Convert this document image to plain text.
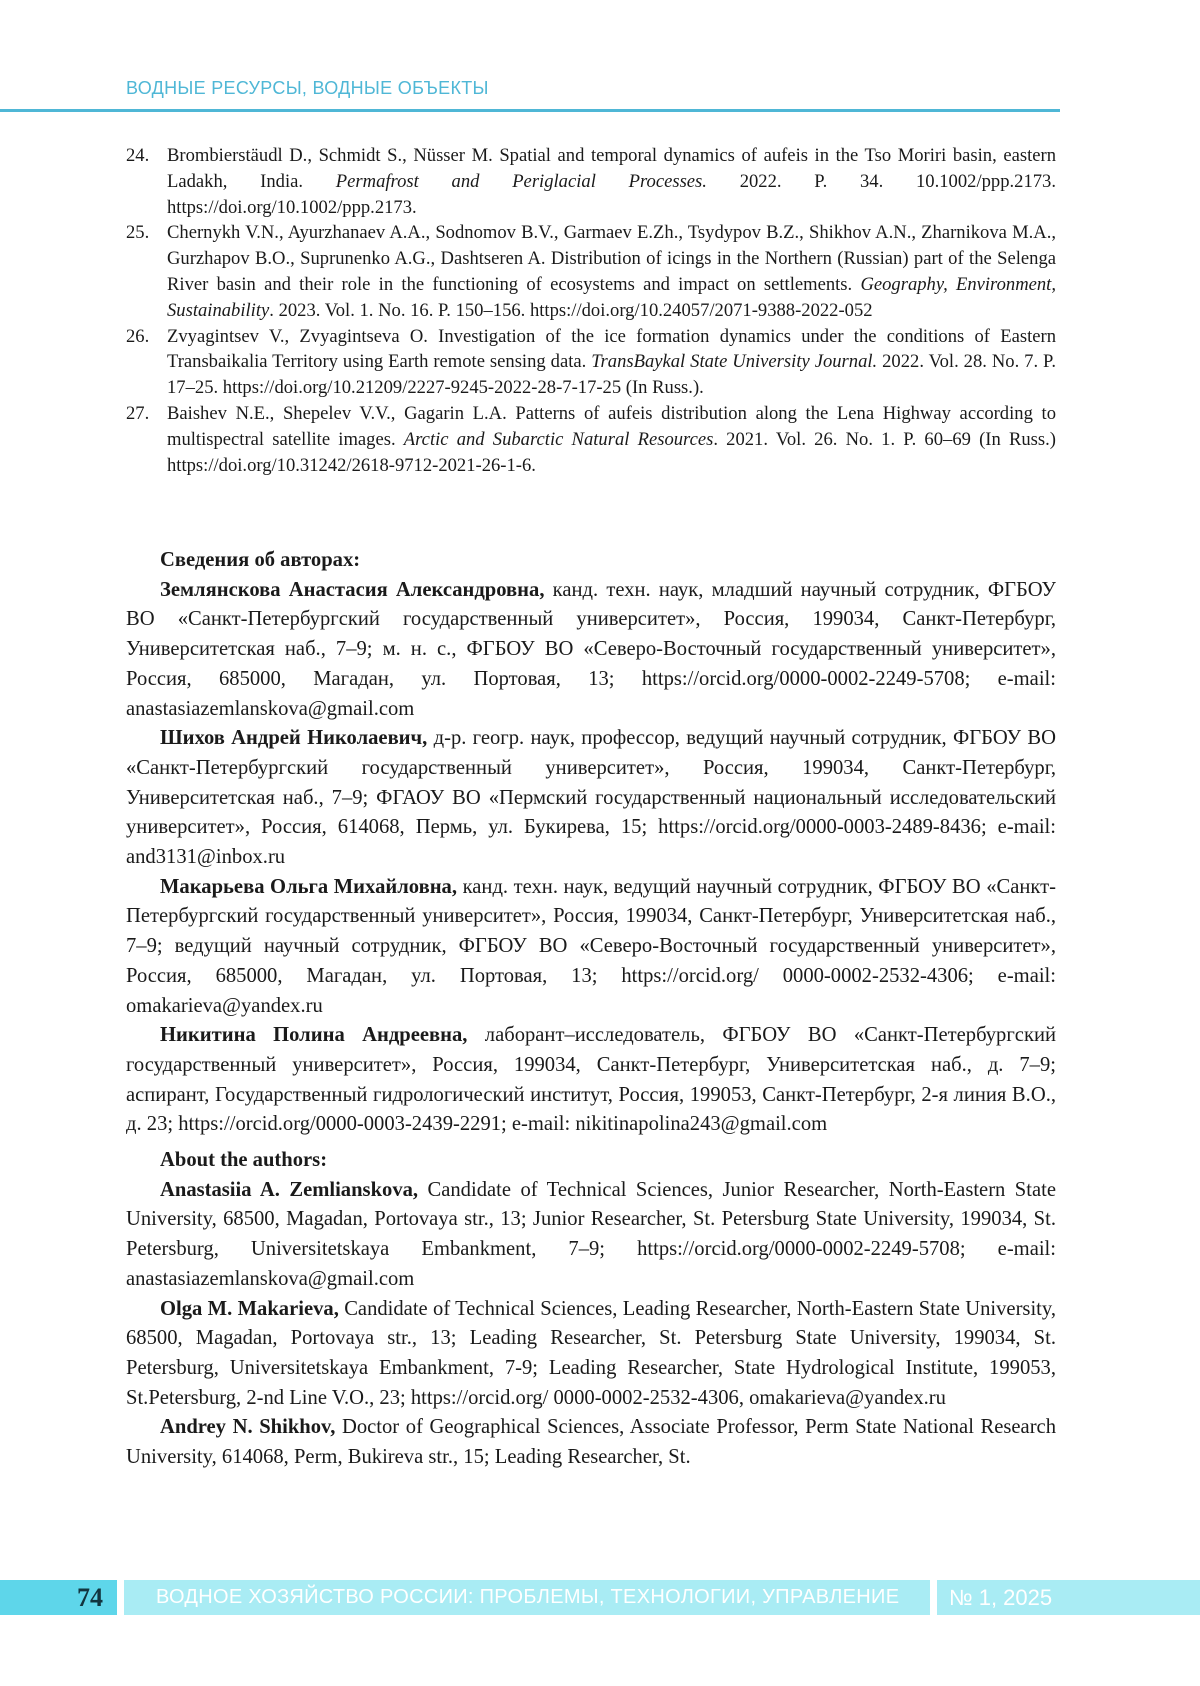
ВОДНЫЕ РЕСУРСЫ, ВОДНЫЕ ОБЪЕКТЫ
24. Brombierstäudl D., Schmidt S., Nüsser M. Spatial and temporal dynamics of aufeis in the Tso Moriri basin, eastern Ladakh, India. Permafrost and Periglacial Processes. 2022. P. 34. 10.1002/ppp.2173. https://doi.org/10.1002/ppp.2173.
25. Chernykh V.N., Ayurzhanaev A.A., Sodnomov B.V., Garmaev E.Zh., Tsydypov B.Z., Shikhov A.N., Zharnikova M.A., Gurzhapov B.O., Suprunenko A.G., Dashtseren A. Distribution of icings in the Northern (Russian) part of the Selenga River basin and their role in the functioning of ecosystems and impact on settlements. Geography, Environment, Sustainability. 2023. Vol. 1. No. 16. P. 150–156. https://doi.org/10.24057/2071-9388-2022-052
26. Zvyagintsev V., Zvyagintseva O. Investigation of the ice formation dynamics under the conditions of Eastern Transbaikalia Territory using Earth remote sensing data. TransBaykal State University Journal. 2022. Vol. 28. No. 7. P. 17–25. https://doi.org/10.21209/2227-9245-2022-28-7-17-25 (In Russ.).
27. Baishev N.E., Shepelev V.V., Gagarin L.A. Patterns of aufeis distribution along the Lena Highway according to multispectral satellite images. Arctic and Subarctic Natural Resources. 2021. Vol. 26. No. 1. P. 60–69 (In Russ.) https://doi.org/10.31242/2618-9712-2021-26-1-6.
Сведения об авторах:
Землянскова Анастасия Александровна, канд. техн. наук, младший научный сотрудник, ФГБОУ ВО «Санкт-Петербургский государственный университет», Россия, 199034, Санкт-Петербург, Университетская наб., 7–9; м. н. с., ФГБОУ ВО «Северо-Восточный государственный университет», Россия, 685000, Магадан, ул. Портовая, 13; https://orcid.org/0000-0002-2249-5708; e-mail: anastasiazemlanskova@gmail.com
Шихов Андрей Николаевич, д-р. геогр. наук, профессор, ведущий научный сотрудник, ФГБОУ ВО «Санкт-Петербургский государственный университет», Россия, 199034, Санкт-Петербург, Университетская наб., 7–9; ФГАОУ ВО «Пермский государственный национальный исследовательский университет», Россия, 614068, Пермь, ул. Букирева, 15; https://orcid.org/0000-0003-2489-8436; e-mail: and3131@inbox.ru
Макарьева Ольга Михайловна, канд. техн. наук, ведущий научный сотрудник, ФГБОУ ВО «Санкт-Петербургский государственный университет», Россия, 199034, Санкт-Петербург, Университетская наб., 7–9; ведущий научный сотрудник, ФГБОУ ВО «Северо-Восточный государственный университет», Россия, 685000, Магадан, ул. Портовая, 13; https://orcid.org/ 0000-0002-2532-4306; e-mail: omakarieva@yandex.ru
Никитина Полина Андреевна, лаборант–исследователь, ФГБОУ ВО «Санкт-Петербургский государственный университет», Россия, 199034, Санкт-Петербург, Университетская наб., д. 7–9; аспирант, Государственный гидрологический институт, Россия, 199053, Санкт-Петербург, 2-я линия В.О., д. 23; https://orcid.org/0000-0003-2439-2291; e-mail: nikitinapolina243@gmail.com
About the authors:
Anastasiia A. Zemlianskova, Candidate of Technical Sciences, Junior Researcher, North-Eastern State University, 68500, Magadan, Portovaya str., 13; Junior Researcher, St. Petersburg State University, 199034, St. Petersburg, Universitetskaya Embankment, 7–9; https://orcid.org/0000-0002-2249-5708; e-mail: anastasiazemlanskova@gmail.com
Olga M. Makarieva, Candidate of Technical Sciences, Leading Researcher, North-Eastern State University, 68500, Magadan, Portovaya str., 13; Leading Researcher, St. Petersburg State University, 199034, St. Petersburg, Universitetskaya Embankment, 7-9; Leading Researcher, State Hydrological Institute, 199053, St.Petersburg, 2-nd Line V.O., 23; https://orcid.org/ 0000-0002-2532-4306, omakarieva@yandex.ru
Andrey N. Shikhov, Doctor of Geographical Sciences, Associate Professor, Perm State National Research University, 614068, Perm, Bukireva str., 15; Leading Researcher, St.
74	ВОДНОЕ ХОЗЯЙСТВО РОССИИ: ПРОБЛЕМЫ, ТЕХНОЛОГИИ, УПРАВЛЕНИЕ	№ 1, 2025
